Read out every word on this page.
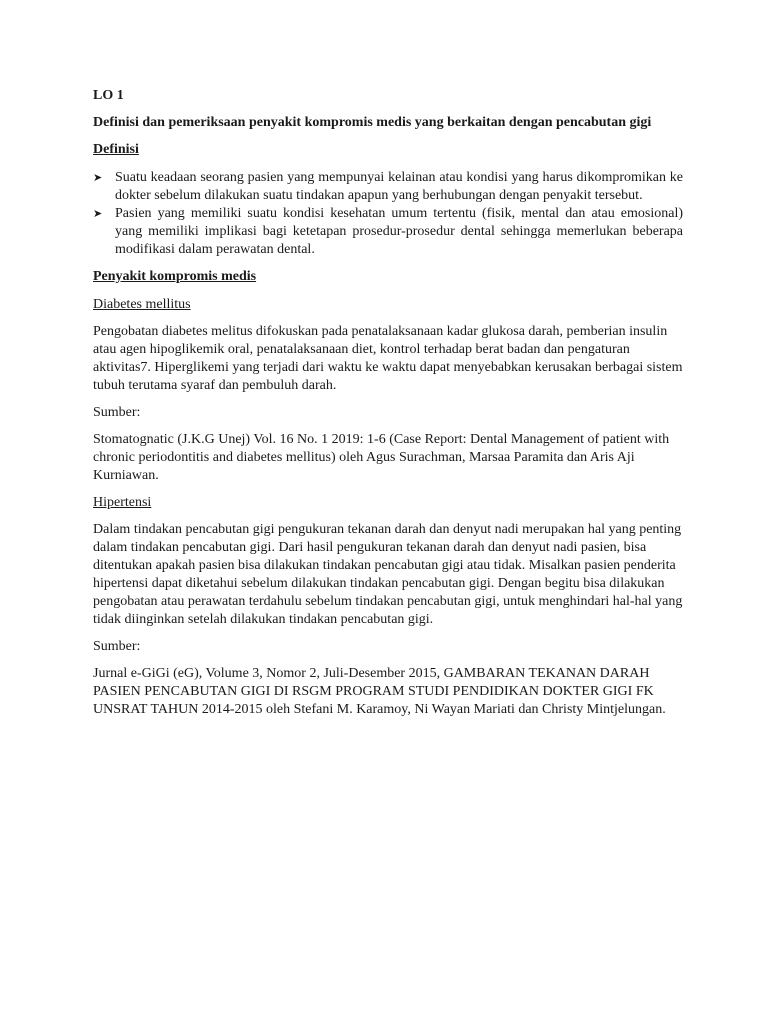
LO 1

Definisi dan pemeriksaan penyakit kompromis medis yang berkaitan dengan pencabutan gigi

Definisi

➤ Suatu keadaan seorang pasien yang mempunyai kelainan atau kondisi yang harus dikompromikan ke dokter sebelum dilakukan suatu tindakan apapun yang berhubungan dengan penyakit tersebut.
➤ Pasien yang memiliki suatu kondisi kesehatan umum tertentu (fisik, mental dan atau emosional) yang memiliki implikasi bagi ketetapan prosedur-prosedur dental sehingga memerlukan beberapa modifikasi dalam perawatan dental.

Penyakit kompromis medis

Diabetes mellitus

Pengobatan diabetes melitus difokuskan pada penatalaksanaan kadar glukosa darah, pemberian insulin atau agen hipoglikemik oral, penatalaksanaan diet, kontrol terhadap berat badan dan pengaturan aktivitas7. Hiperglikemi yang terjadi dari waktu ke waktu dapat menyebabkan kerusakan berbagai sistem tubuh terutama syaraf dan pembuluh darah.

Sumber:

Stomatognatic (J.K.G Unej) Vol. 16 No. 1 2019: 1-6 (Case Report: Dental Management of patient with chronic periodontitis and diabetes mellitus) oleh Agus Surachman, Marsaa Paramita dan Aris Aji Kurniawan.

Hipertensi

Dalam tindakan pencabutan gigi pengukuran tekanan darah dan denyut nadi merupakan hal yang penting dalam tindakan pencabutan gigi. Dari hasil pengukuran tekanan darah dan denyut nadi pasien, bisa ditentukan apakah pasien bisa dilakukan tindakan pencabutan gigi atau tidak. Misalkan pasien penderita hipertensi dapat diketahui sebelum dilakukan tindakan pencabutan gigi. Dengan begitu bisa dilakukan pengobatan atau perawatan terdahulu sebelum tindakan pencabutan gigi, untuk menghindari hal-hal yang tidak diinginkan setelah dilakukan tindakan pencabutan gigi.

Sumber:

Jurnal e-GiGi (eG), Volume 3, Nomor 2, Juli-Desember 2015, GAMBARAN TEKANAN DARAH PASIEN PENCABUTAN GIGI DI RSGM PROGRAM STUDI PENDIDIKAN DOKTER GIGI FK UNSRAT TAHUN 2014-2015 oleh Stefani M. Karamoy, Ni Wayan Mariati dan Christy Mintjelungan.
